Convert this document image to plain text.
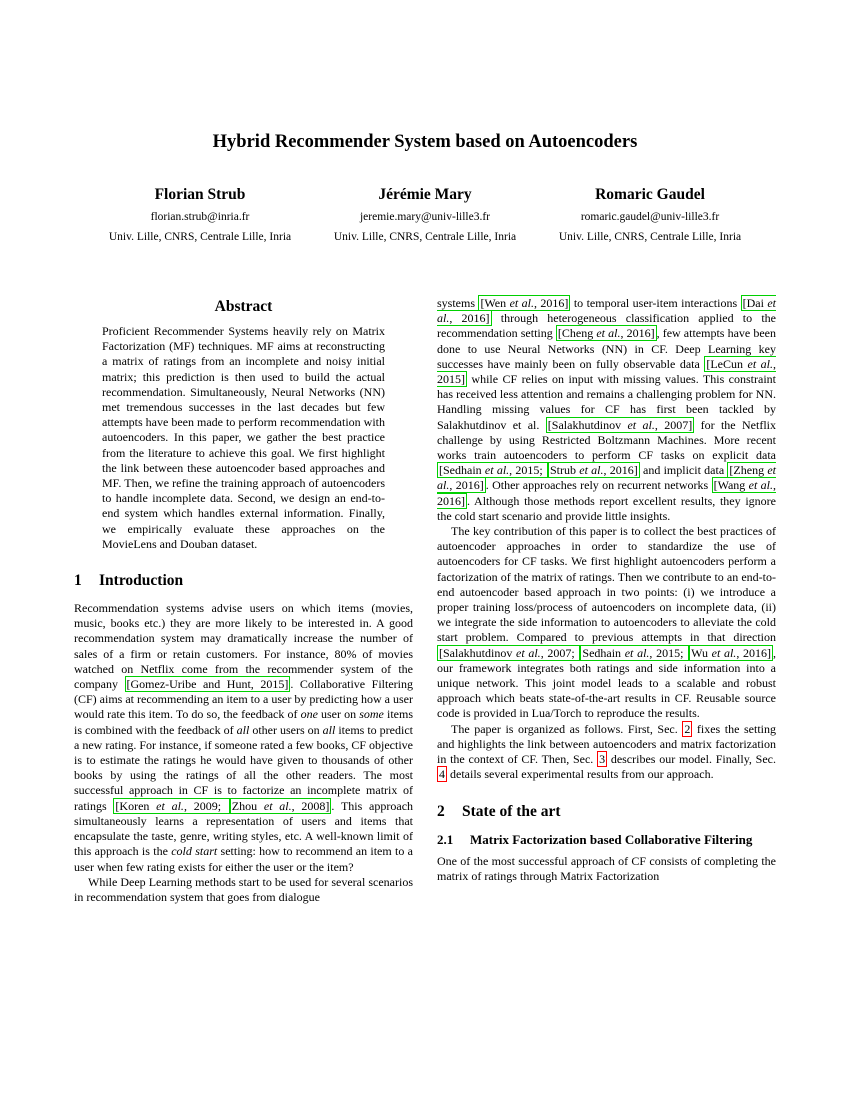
Hybrid Recommender System based on Autoencoders
Florian Strub
florian.strub@inria.fr
Univ. Lille, CNRS, Centrale Lille, Inria
Jérémie Mary
jeremie.mary@univ-lille3.fr
Univ. Lille, CNRS, Centrale Lille, Inria
Romaric Gaudel
romaric.gaudel@univ-lille3.fr
Univ. Lille, CNRS, Centrale Lille, Inria
Abstract

Proficient Recommender Systems heavily rely on Matrix Factorization (MF) techniques. MF aims at reconstructing a matrix of ratings from an incomplete and noisy initial matrix; this prediction is then used to build the actual recommendation. Simultaneously, Neural Networks (NN) met tremendous successes in the last decades but few attempts have been made to perform recommendation with autoencoders. In this paper, we gather the best practice from the literature to achieve this goal. We first highlight the link between these autoencoder based approaches and MF. Then, we refine the training approach of autoencoders to handle incomplete data. Second, we design an end-to-end system which handles external information. Finally, we empirically evaluate these approaches on the MovieLens and Douban dataset.

1 Introduction

Recommendation systems advise users on which items (movies, music, books etc.) they are more likely to be interested in. A good recommendation system may dramatically increase the number of sales of a firm or retain customers. For instance, 80% of movies watched on Netflix come from the recommender system of the company [Gomez-Uribe and Hunt, 2015] . Collaborative Filtering (CF) aims at recommending an item to a user by predicting how a user would rate this item. To do so, the feedback of one user on some items is combined with the feedback of all other users on all items to predict a new rating. For instance, if someone rated a few books, CF objective is to estimate the ratings he would have given to thousands of other books by using the ratings of all the other readers. The most successful approach in CF is to factorize an incomplete matrix of ratings [Koren et al., 2009; Zhou et al., 2008] . This approach simultaneously learns a representation of users and items that encapsulate the taste, genre, writing styles, etc. A well-known limit of this approach is the cold start setting: how to recommend an item to a user when few rating exists for either the user or the item?

While Deep Learning methods start to be used for several scenarios in recommendation system that goes from dialogue

systems [Wen et al., 2016] to temporal user-item interactions [Dai et al., 2016] through heterogeneous classification applied to the recommendation setting [Cheng et al., 2016] , few attempts have been done to use Neural Networks (NN) in CF. Deep Learning key successes have mainly been on fully observable data [LeCun et al., 2015] while CF relies on input with missing values. This constraint has received less attention and remains a challenging problem for NN. Handling missing values for CF has first been tackled by Salakhutdinov et al. [Salakhutdinov et al., 2007] for the Netflix challenge by using Restricted Boltzmann Machines. More recent works train autoencoders to perform CF tasks on explicit data [Sedhain et al., 2015; Strub et al., 2016] and implicit data [Zheng et al., 2016] . Other approaches rely on recurrent networks [Wang et al., 2016] . Although those methods report excellent results, they ignore the cold start scenario and provide little insights.

The key contribution of this paper is to collect the best practices of autoencoder approaches in order to standardize the use of autoencoders for CF tasks. We first highlight autoencoders perform a factorization of the matrix of ratings. Then we contribute to an end-to-end autoencoder based approach in two points: (i) we introduce a proper training loss/process of autoencoders on incomplete data, (ii) we integrate the side information to autoencoders to alleviate the cold start problem. Compared to previous attempts in that direction [Salakhutdinov et al., 2007; Sedhain et al., 2015; Wu et al., 2016] , our framework integrates both ratings and side information into a unique network. This joint model leads to a scalable and robust approach which beats state-of-the-art results in CF. Reusable source code is provided in Lua/Torch to reproduce the results.

The paper is organized as follows. First, Sec. 2 fixes the setting and highlights the link between autoencoders and matrix factorization in the context of CF. Then, Sec. 3 describes our model. Finally, Sec. 4 details several experimental results from our approach.

2 State of the art
2.1	Matrix Factorization based Collaborative Filtering

One of the most successful approach of CF consists of completing the matrix of ratings through Matrix Factorization
